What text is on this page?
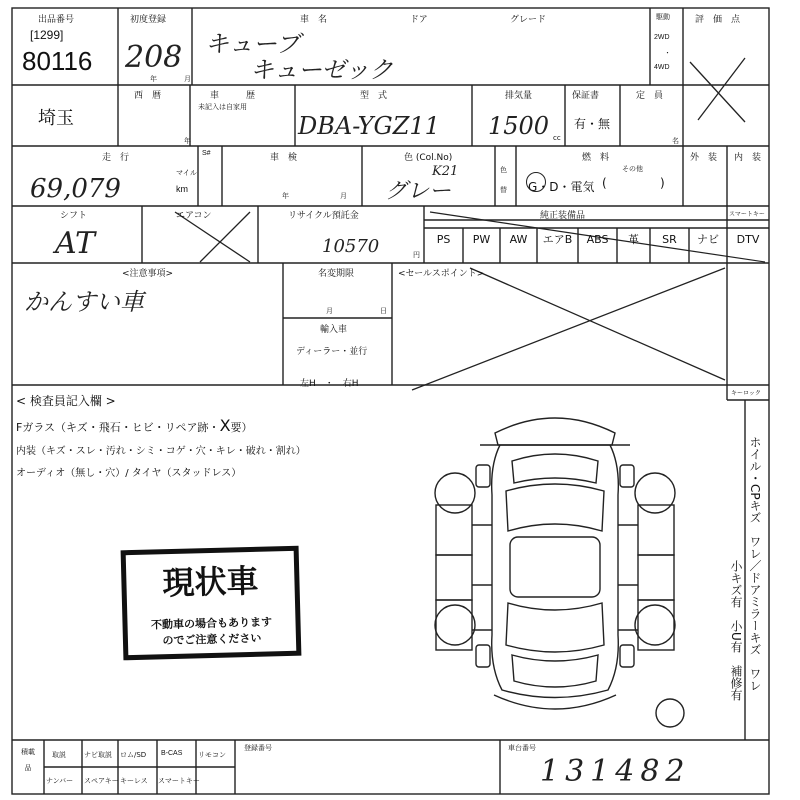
出品番号
[1299]
80116
初度登録
208
年	月
車　名	ドア	グレード
キューブ
キューゼック
駆動
2WD
・
4WD
評　価　点
埼玉
西　暦
年
車　　　歴
未記入は自家用
型　式
DBA-YGZ11
排気量
1500 cc
保証書
有・無
定　員
名
走　行
69,079
マイル
km
S#	車　検
年	月
色 (Col.No)
K21
グレー
色替
燃　料
その他
G・D・電気 (	)
外　装 内　装
シフト
AT
エアコン	リサイクル預託金
10570	円
純正装備品	スマートキー
PS	PW	AW	エアB	ABS	革	SR	ナビ	DTV
<注意事項>
かんすい車
名変期限
月	日
輸入車
ディーラー・並行
左H　・　右H
<セールスポイント>
キーロック
< 検査員記入欄 >
Fガラス（キズ・飛石・ヒビ・リペア跡・X要）
内装（キズ・スレ・汚れ・シミ・コゲ・穴・キレ・破れ・割れ）
オーディオ（無し・穴）/ タイヤ（スタッドレス）
現状車
不動車の場合もあります
のでご注意ください	ホイル・CPキズ　ワレ／ドアミラーキズ　ワレ
小キズ有　小U有　補修有
積載品
取説	ナビ取説 ロム/SD B-CAS リモコン
ナンバー スペアキー キーレス スマートキー
登録番号	車台番号
131482
